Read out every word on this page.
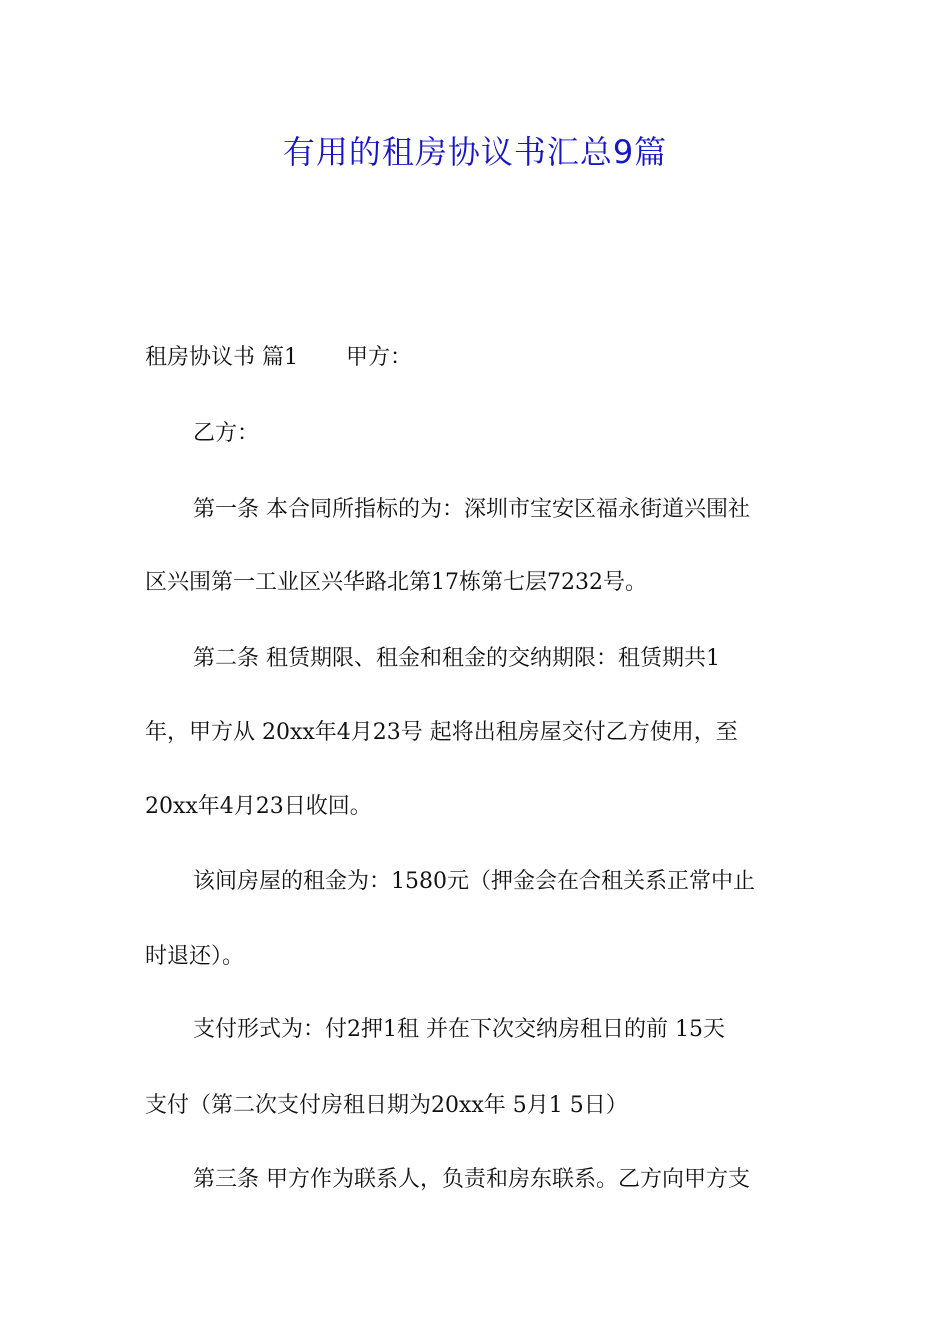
有用的租房协议书汇总9篇
租房协议书 篇1 甲方：
乙方：
第一条 本合同所指标的为：深圳市宝安区福永街道兴围社
区兴围第一工业区兴华路北第17栋第七层7232号。
第二条 租赁期限、租金和租金的交纳期限：租赁期共1
年，甲方从 20xx年4月23号 起将出租房屋交付乙方使用，至
20xx年4月23日收回。
该间房屋的租金为：1580元（押金会在合租关系正常中止
时退还）。
支付形式为：付2押1租 并在下次交纳房租日的前 15天
支付（第二次支付房租日期为20xx年 5月1 5日）
第三条 甲方作为联系人，负责和房东联系。乙方向甲方支
